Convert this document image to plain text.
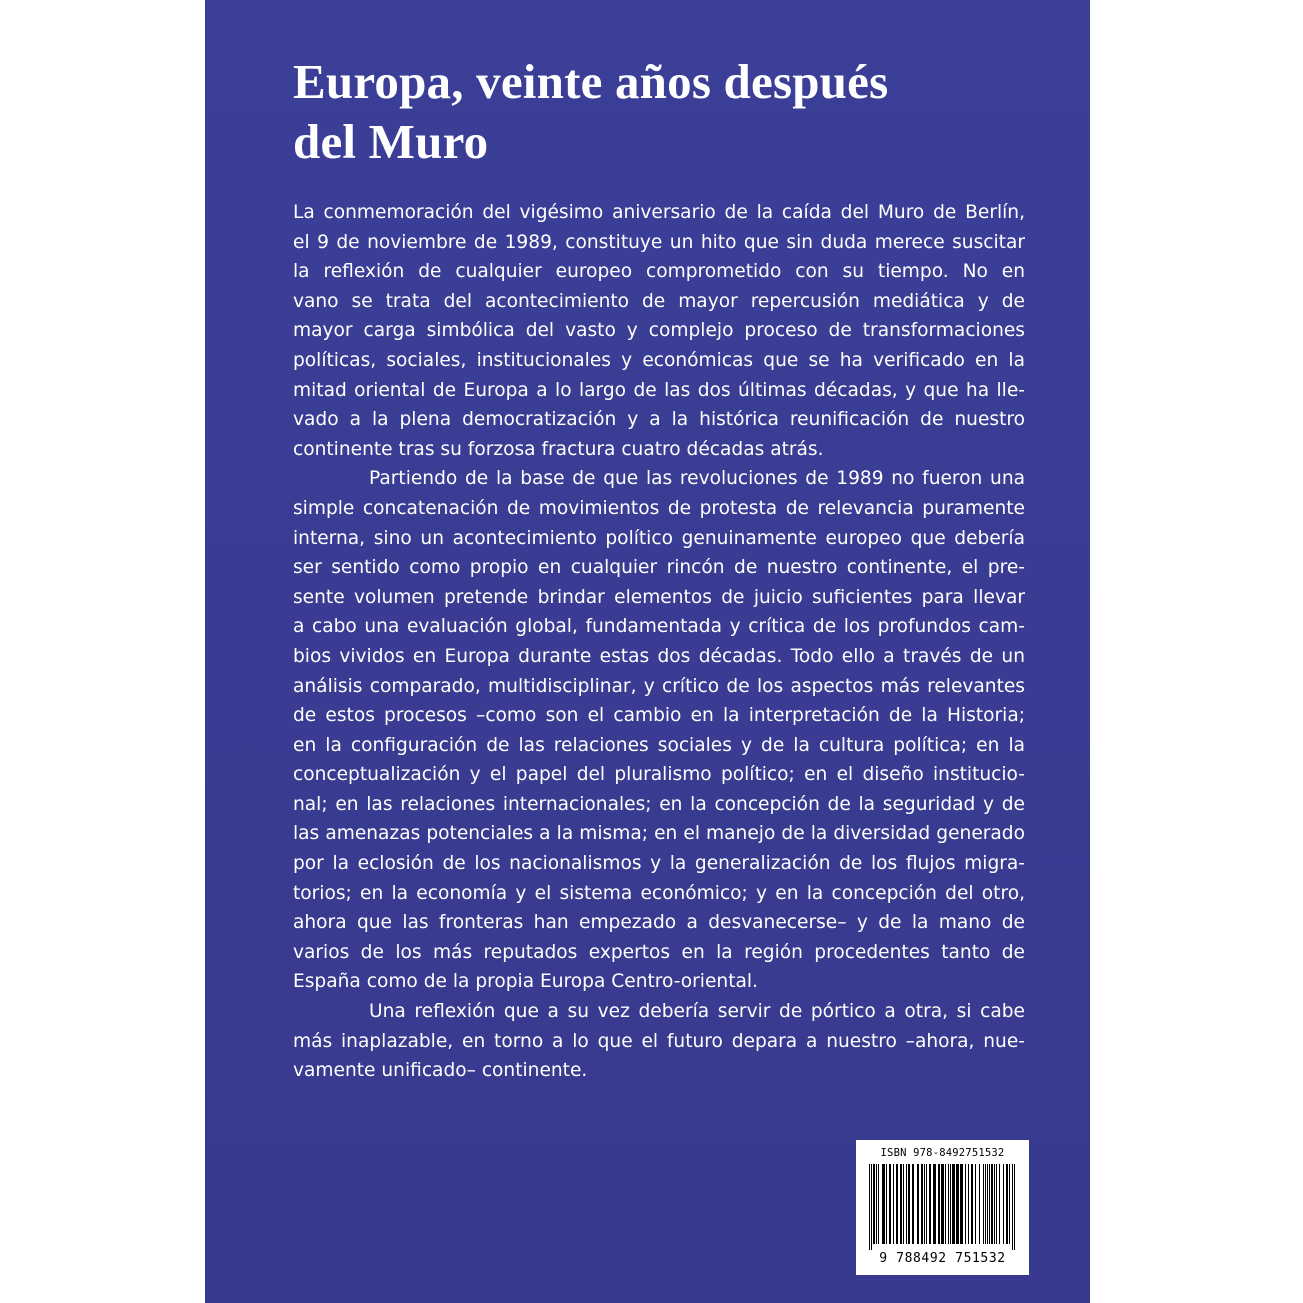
Europa, veinte años después
del Muro
La conmemoración del vigésimo aniversario de la caída del Muro de Berlín,
el 9 de noviembre de 1989, constituye un hito que sin duda merece suscitar
la reflexión de cualquier europeo comprometido con su tiempo. No en
vano se trata del acontecimiento de mayor repercusión mediática y de
mayor carga simbólica del vasto y complejo proceso de transformaciones
políticas, sociales, institucionales y económicas que se ha verificado en la
mitad oriental de Europa a lo largo de las dos últimas décadas, y que ha lle-
vado a la plena democratización y a la histórica reunificación de nuestro
continente tras su forzosa fractura cuatro décadas atrás.
Partiendo de la base de que las revoluciones de 1989 no fueron una
simple concatenación de movimientos de protesta de relevancia puramente
interna, sino un acontecimiento político genuinamente europeo que debería
ser sentido como propio en cualquier rincón de nuestro continente, el pre-
sente volumen pretende brindar elementos de juicio suficientes para llevar
a cabo una evaluación global, fundamentada y crítica de los profundos cam-
bios vividos en Europa durante estas dos décadas. Todo ello a través de un
análisis comparado, multidisciplinar, y crítico de los aspectos más relevantes
de estos procesos –como son el cambio en la interpretación de la Historia;
en la configuración de las relaciones sociales y de la cultura política; en la
conceptualización y el papel del pluralismo político; en el diseño institucio-
nal; en las relaciones internacionales; en la concepción de la seguridad y de
las amenazas potenciales a la misma; en el manejo de la diversidad generado
por la eclosión de los nacionalismos y la generalización de los flujos migra-
torios; en la economía y el sistema económico; y en la concepción del otro,
ahora que las fronteras han empezado a desvanecerse– y de la mano de
varios de los más reputados expertos en la región procedentes tanto de
España como de la propia Europa Centro-oriental.
Una reflexión que a su vez debería servir de pórtico a otra, si cabe
más inaplazable, en torno a lo que el futuro depara a nuestro –ahora, nue-
vamente unificado– continente.
ISBN 978-8492751532
9 788492 751532
